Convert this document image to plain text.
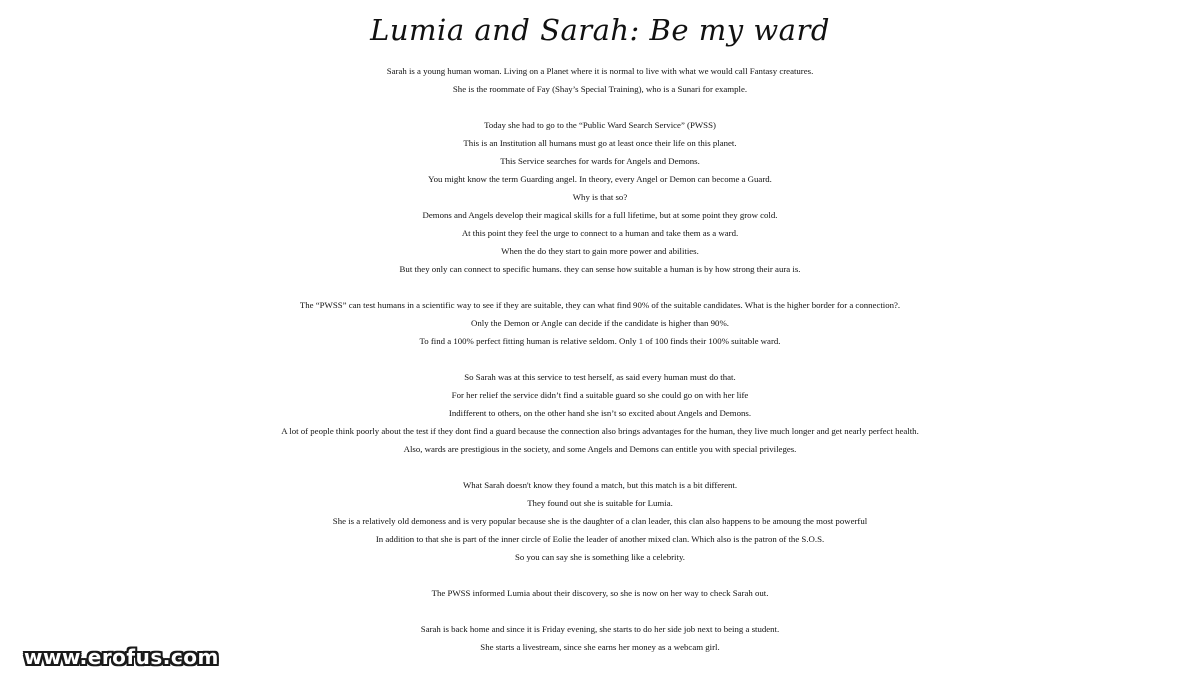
Lumia and Sarah: Be my ward
Sarah is a young human woman. Living on a Planet where it is normal to live with what we would call Fantasy creatures.
She is the roommate of Fay (Shay’s Special Training), who is a Sunari for example.
Today she had to go to the “Public Ward Search Service” (PWSS)
This is an Institution all humans must go at least once their life on this planet.
This Service searches for wards for Angels and Demons.
You might know the term Guarding angel. In theory, every Angel or Demon can become a Guard.
Why is that so?
Demons and Angels develop their magical skills for a full lifetime, but at some point they grow cold.
At this point they feel the urge to connect to a human and take them as a ward.
When the do they start to gain more power and abilities.
But they only can connect to specific humans. they can sense how suitable a human is by how strong their aura is.
The “PWSS” can test humans in a scientific way to see if they are suitable, they can what find 90% of the suitable candidates. What is the higher border for a connection?.
Only the Demon or Angle can decide if the candidate is higher than 90%.
To find a 100% perfect fitting human is relative seldom. Only 1 of 100 finds their 100% suitable ward.
So Sarah was at this service to test herself, as said every human must do that.
For her relief the service didn’t find a suitable guard so she could go on with her life
Indifferent to others, on the other hand she isn’t so excited about Angels and Demons.
A lot of people think poorly about the test if they dont find a guard because the connection also brings advantages for the human, they live much longer and get nearly perfect health.
Also, wards are prestigious in the society, and some Angels and Demons can entitle you with special privileges.
What Sarah doesn't know they found a match, but this match is a bit different.
They found out she is suitable for Lumia.
She is a relatively old demoness and is very popular because she is the daughter of a clan leader, this clan also happens to be amoung the most powerful
In addition to that she is part of the inner circle of Eolie the leader of another mixed clan. Which also is the patron of the S.O.S.
So you can say she is something like a celebrity.
The PWSS informed Lumia about their discovery, so she is now on her way to check Sarah out.
Sarah is back home and since it is Friday evening, she starts to do her side job next to being a student.
She starts a livestream, since she earns her money as a webcam girl.
www.erofus.com
